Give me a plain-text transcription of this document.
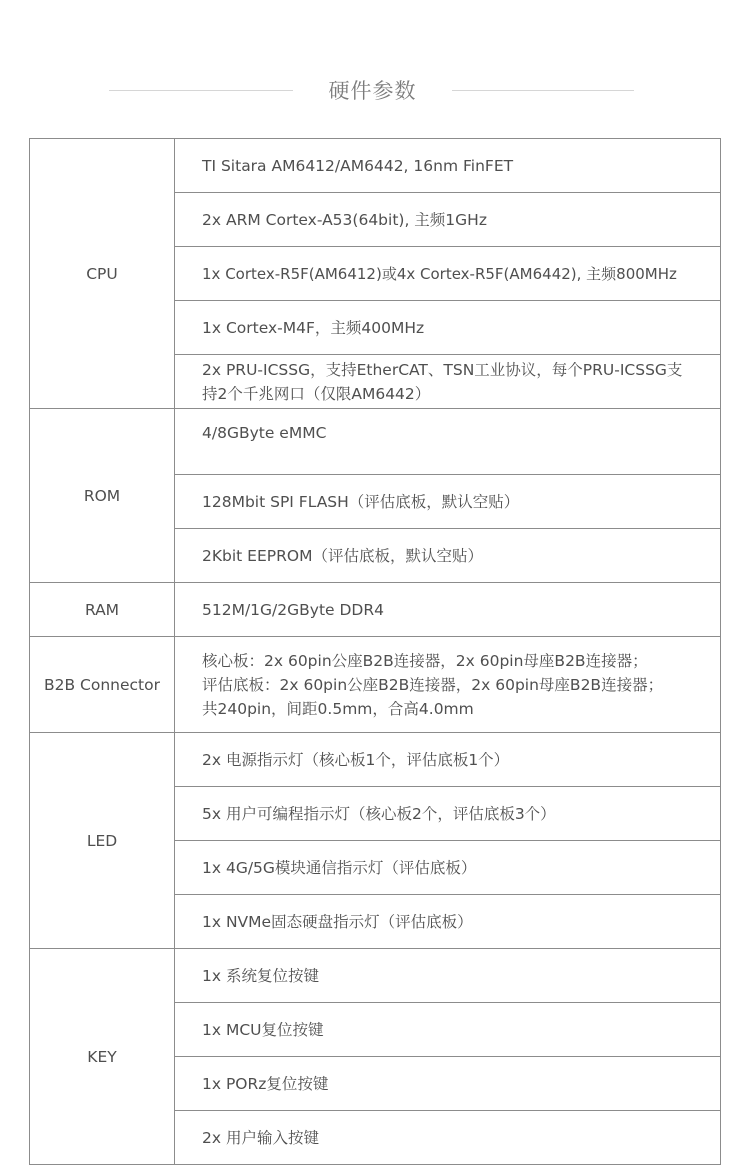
硬件参数
CPU	TI Sitara AM6412/AM6442, 16nm FinFET
	2x ARM Cortex-A53(64bit), 主频1GHz
	1x Cortex-R5F(AM6412)或4x Cortex-R5F(AM6442), 主频800MHz
	1x Cortex-M4F，主频400MHz
	2x PRU-ICSSG，支持EtherCAT、TSN工业协议，每个PRU-ICSSG支持2个千兆网口（仅限AM6442）
ROM	4/8GByte eMMC
	128Mbit SPI FLASH（评估底板，默认空贴）
	2Kbit EEPROM（评估底板，默认空贴）
RAM	512M/1G/2GByte DDR4
B2B Connector	核心板：2x 60pin公座B2B连接器，2x 60pin母座B2B连接器；
评估底板：2x 60pin公座B2B连接器，2x 60pin母座B2B连接器；
共240pin，间距0.5mm，合高4.0mm

LED	2x 电源指示灯（核心板1个，评估底板1个）
	5x 用户可编程指示灯（核心板2个，评估底板3个）
	1x 4G/5G模块通信指示灯（评估底板）
	1x NVMe固态硬盘指示灯（评估底板）
KEY	1x 系统复位按键
	1x MCU复位按键
	1x PORz复位按键
	2x 用户输入按键
